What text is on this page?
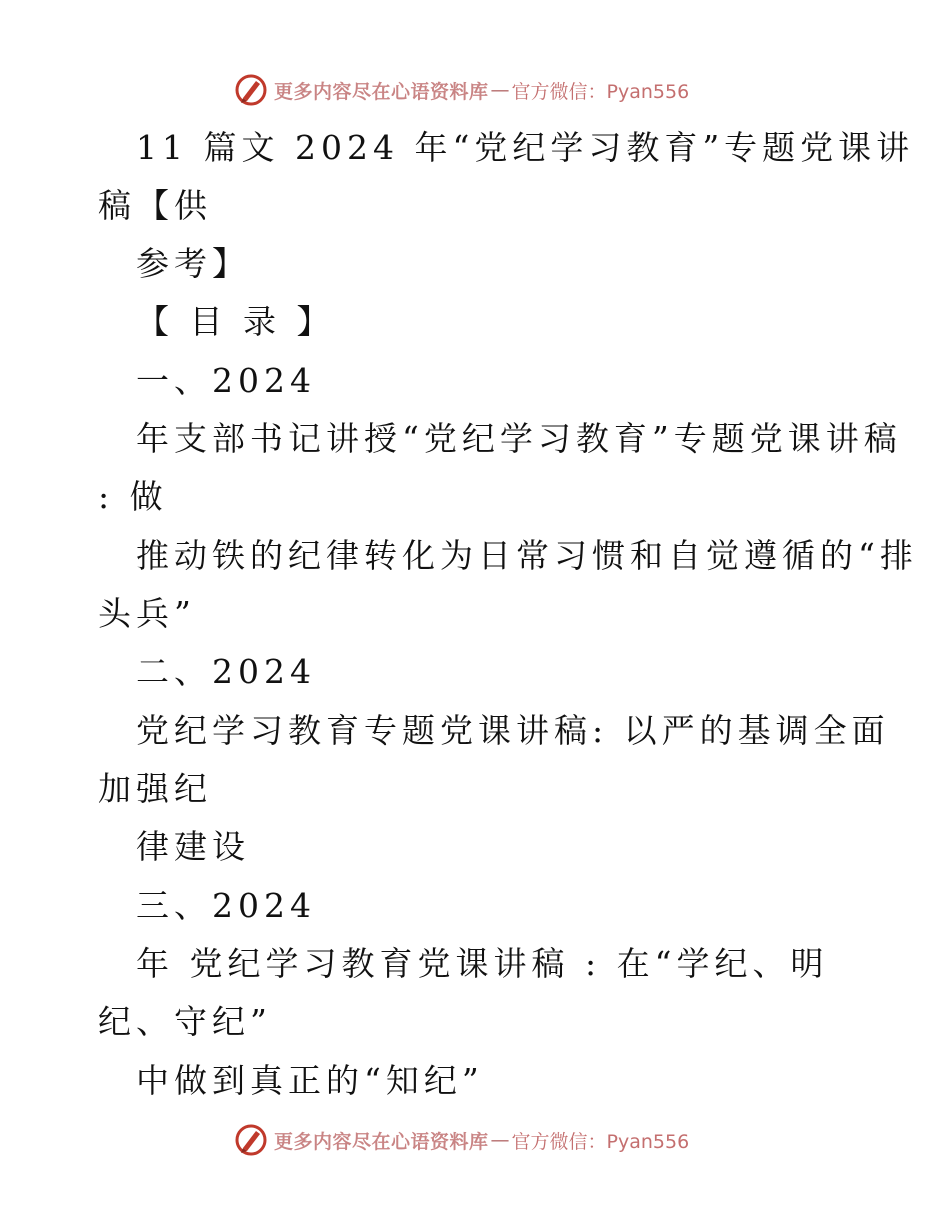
更多内容尽在心语资料库 — 官方微信：Pyan556
11 篇文 2024 年“党纪学习教育”专题党课讲
稿【供
参考】
【 目 录 】
一、2024
年支部书记讲授“党纪学习教育”专题党课讲稿
: 做
推动铁的纪律转化为日常习惯和自觉遵循的“排
头兵”
二、2024
党纪学习教育专题党课讲稿: 以严的基调全面
加强纪
律建设
三、2024
年 党纪学习教育党课讲稿 : 在“学纪、明
纪、守纪”
中做到真正的“知纪”
更多内容尽在心语资料库 — 官方微信：Pyan556
